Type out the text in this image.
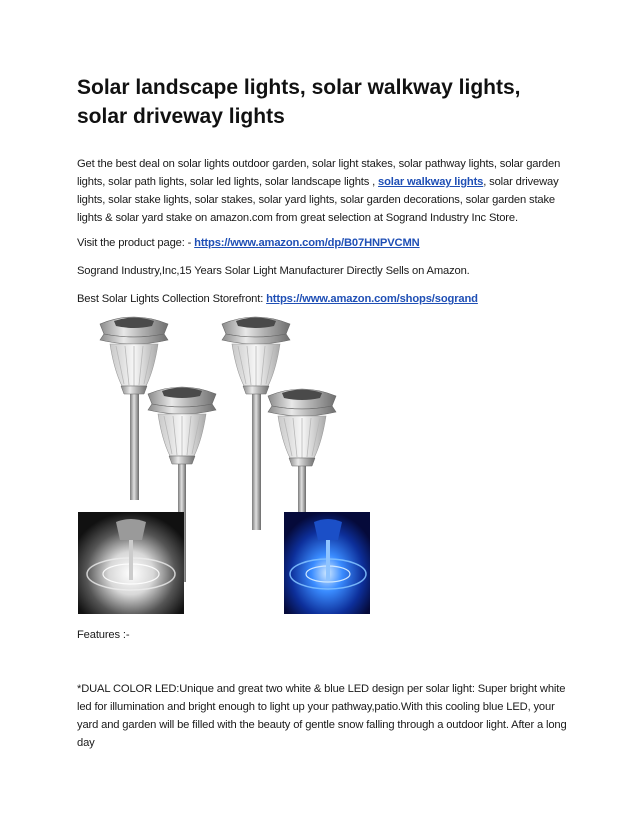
Solar landscape lights, solar walkway lights, solar driveway lights

Get the best deal on solar lights outdoor garden, solar light stakes, solar pathway lights, solar garden lights, solar path lights, solar led lights, solar landscape lights , solar walkway lights, solar driveway lights, solar stake lights, solar stakes, solar yard lights, solar garden decorations, solar garden stake lights & solar yard stake on amazon.com from great selection at Sogrand Industry Inc Store.

Visit the product page: - https://www.amazon.com/dp/B07HNPVCMN

Sogrand Industry,Inc,15 Years Solar Light Manufacturer Directly Sells on Amazon.

Best Solar Lights Collection Storefront: https://www.amazon.com/shops/sogrand

Features :-

*DUAL COLOR LED:Unique and great two white & blue LED design per solar light: Super bright white led for illumination and bright enough to light up your pathway,patio.With this cooling blue LED, your yard and garden will be filled with the beauty of gentle snow falling through a outdoor light. After a long day
